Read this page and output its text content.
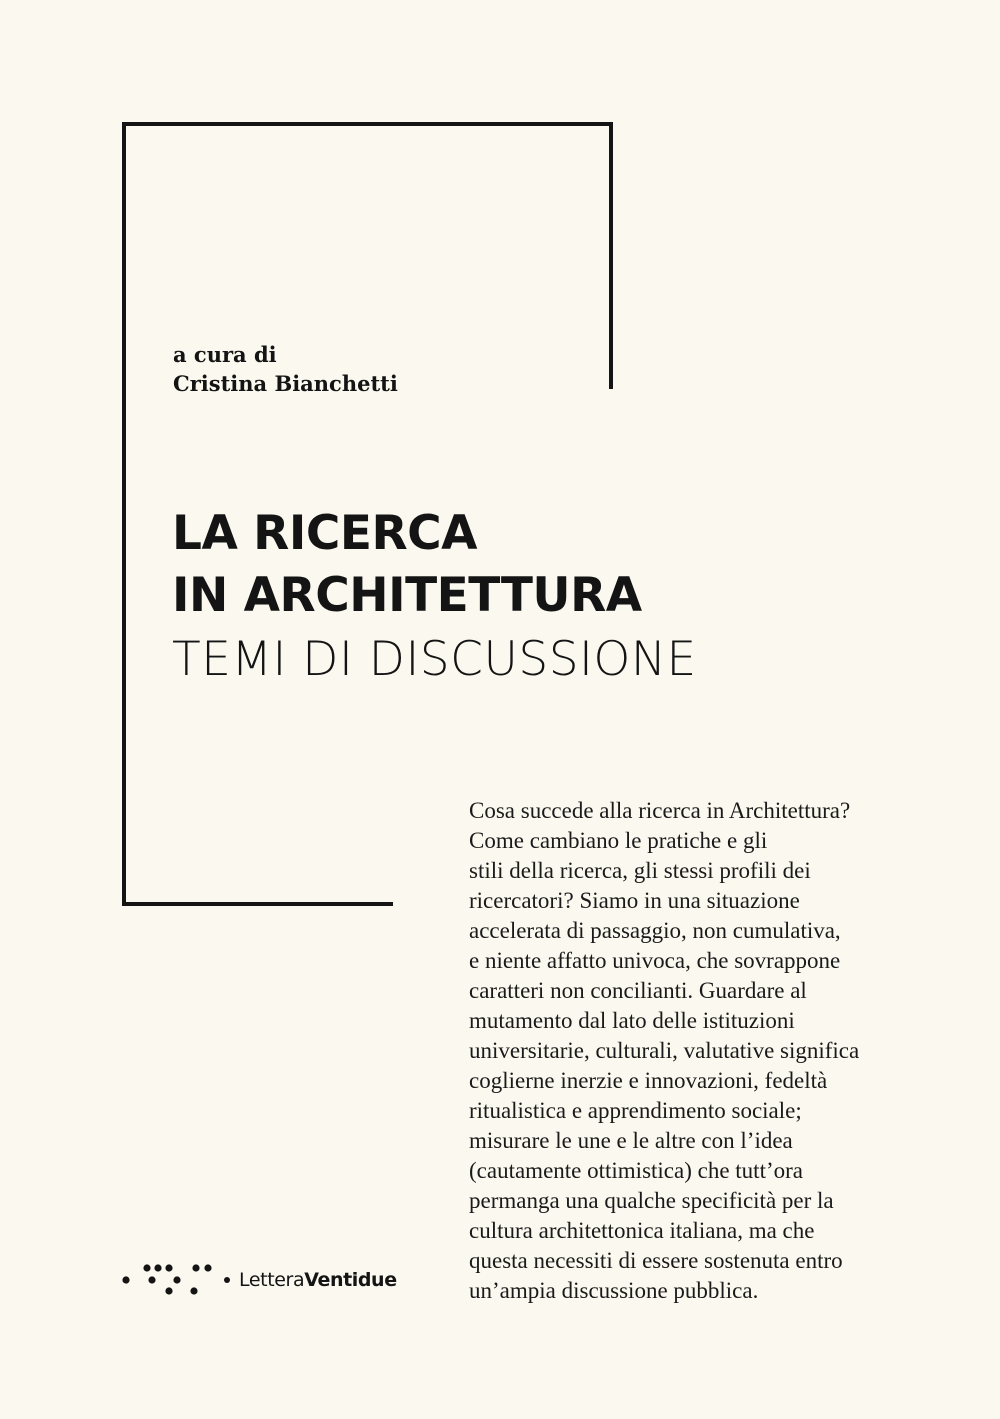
a cura di
Cristina Bianchetti
LA RICERCA
IN ARCHITETTURA
TEMI DI DISCUSSIONE
Cosa succede alla ricerca in Architettura?
Come cambiano le pratiche e gli
stili della ricerca, gli stessi profili dei
ricercatori? Siamo in una situazione
accelerata di passaggio, non cumulativa,
e niente affatto univoca, che sovrappone
caratteri non concilianti. Guardare al
mutamento dal lato delle istituzioni
universitarie, culturali, valutative significa
coglierne inerzie e innovazioni, fedeltà
ritualistica e apprendimento sociale;
misurare le une e le altre con l’idea
(cautamente ottimistica) che tutt’ora
permanga una qualche specificità per la
cultura architettonica italiana, ma che
questa necessiti di essere sostenuta entro
un’ampia discussione pubblica.
LetteraVentidue
